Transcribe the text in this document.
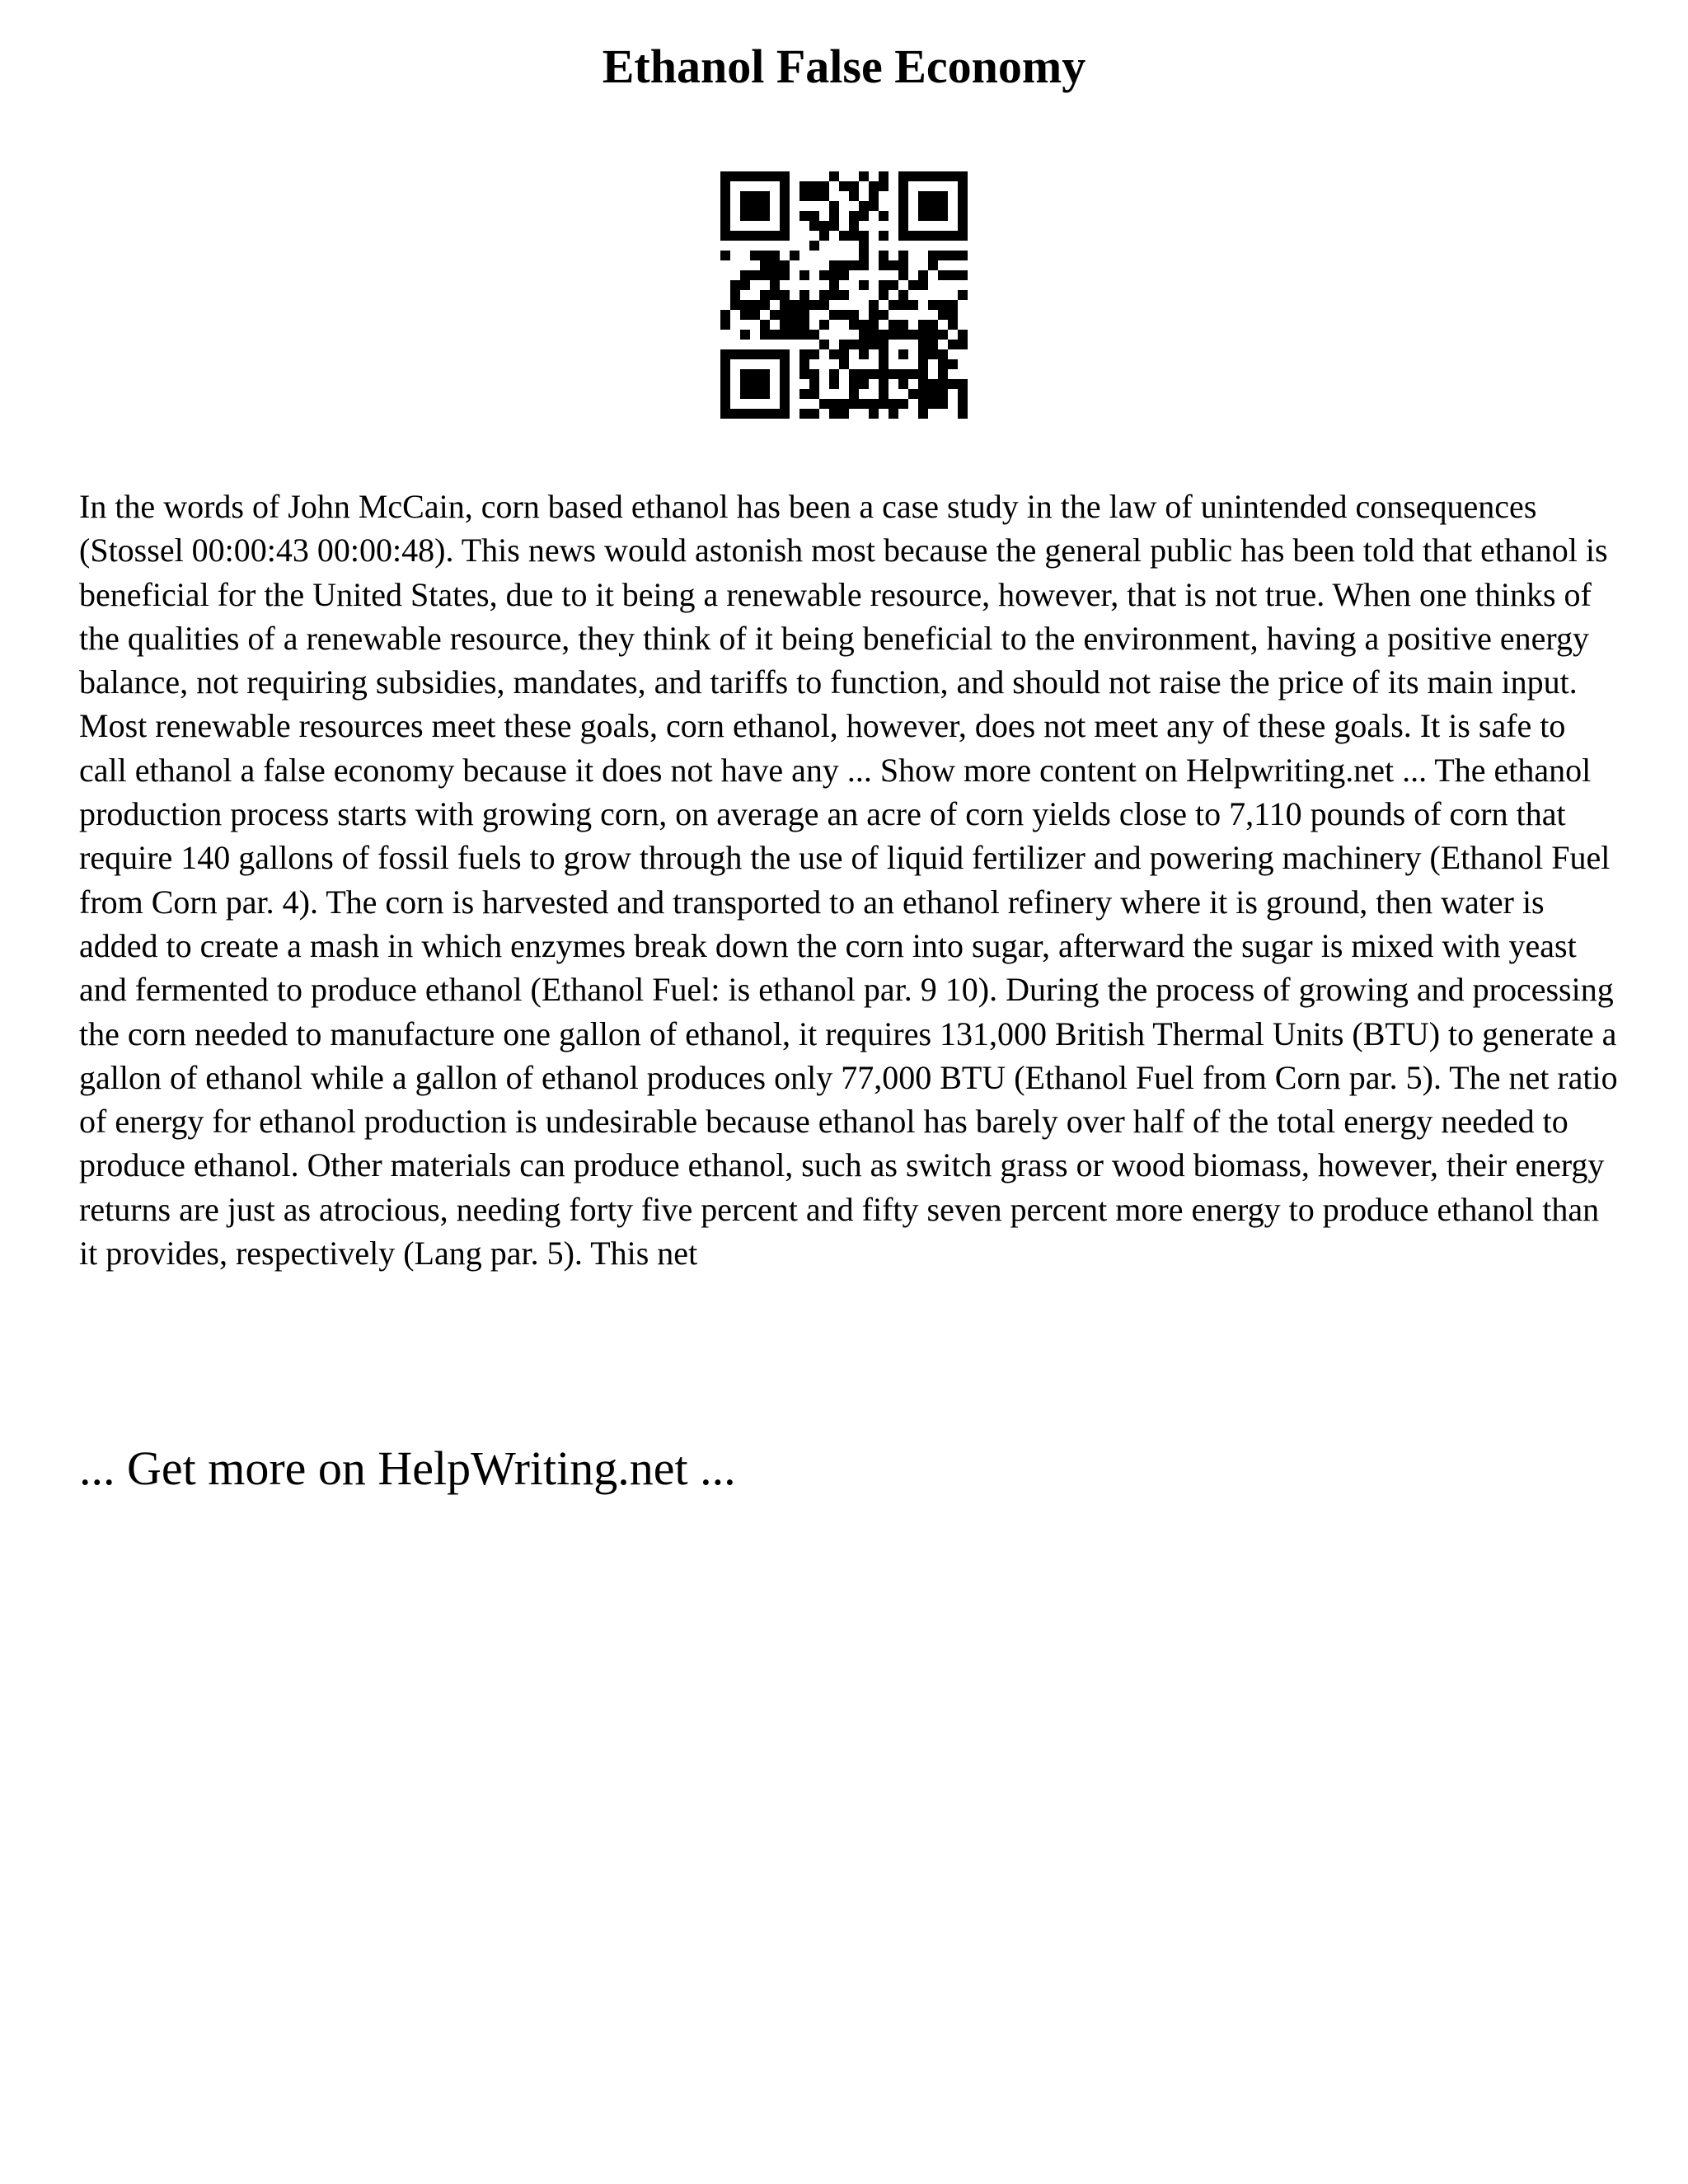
Ethanol False Economy

In the words of John McCain, corn based ethanol has been a case study in the law of unintended consequences (Stossel 00:00:43 00:00:48). This news would astonish most because the general public has been told that ethanol is beneficial for the United States, due to it being a renewable resource, however, that is not true. When one thinks of the qualities of a renewable resource, they think of it being beneficial to the environment, having a positive energy balance, not requiring subsidies, mandates, and tariffs to function, and should not raise the price of its main input. Most renewable resources meet these goals, corn ethanol, however, does not meet any of these goals. It is safe to call ethanol a false economy because it does not have any ... Show more content on Helpwriting.net ... The ethanol production process starts with growing corn, on average an acre of corn yields close to 7,110 pounds of corn that require 140 gallons of fossil fuels to grow through the use of liquid fertilizer and powering machinery (Ethanol Fuel from Corn par. 4). The corn is harvested and transported to an ethanol refinery where it is ground, then water is added to create a mash in which enzymes break down the corn into sugar, afterward the sugar is mixed with yeast and fermented to produce ethanol (Ethanol Fuel: is ethanol par. 9 10). During the process of growing and processing the corn needed to manufacture one gallon of ethanol, it requires 131,000 British Thermal Units (BTU) to generate a gallon of ethanol while a gallon of ethanol produces only 77,000 BTU (Ethanol Fuel from Corn par. 5). The net ratio of energy for ethanol production is undesirable because ethanol has barely over half of the total energy needed to produce ethanol. Other materials can produce ethanol, such as switch grass or wood biomass, however, their energy returns are just as atrocious, needing forty five percent and fifty seven percent more energy to produce ethanol than it provides, respectively (Lang par. 5). This net

... Get more on HelpWriting.net ...
